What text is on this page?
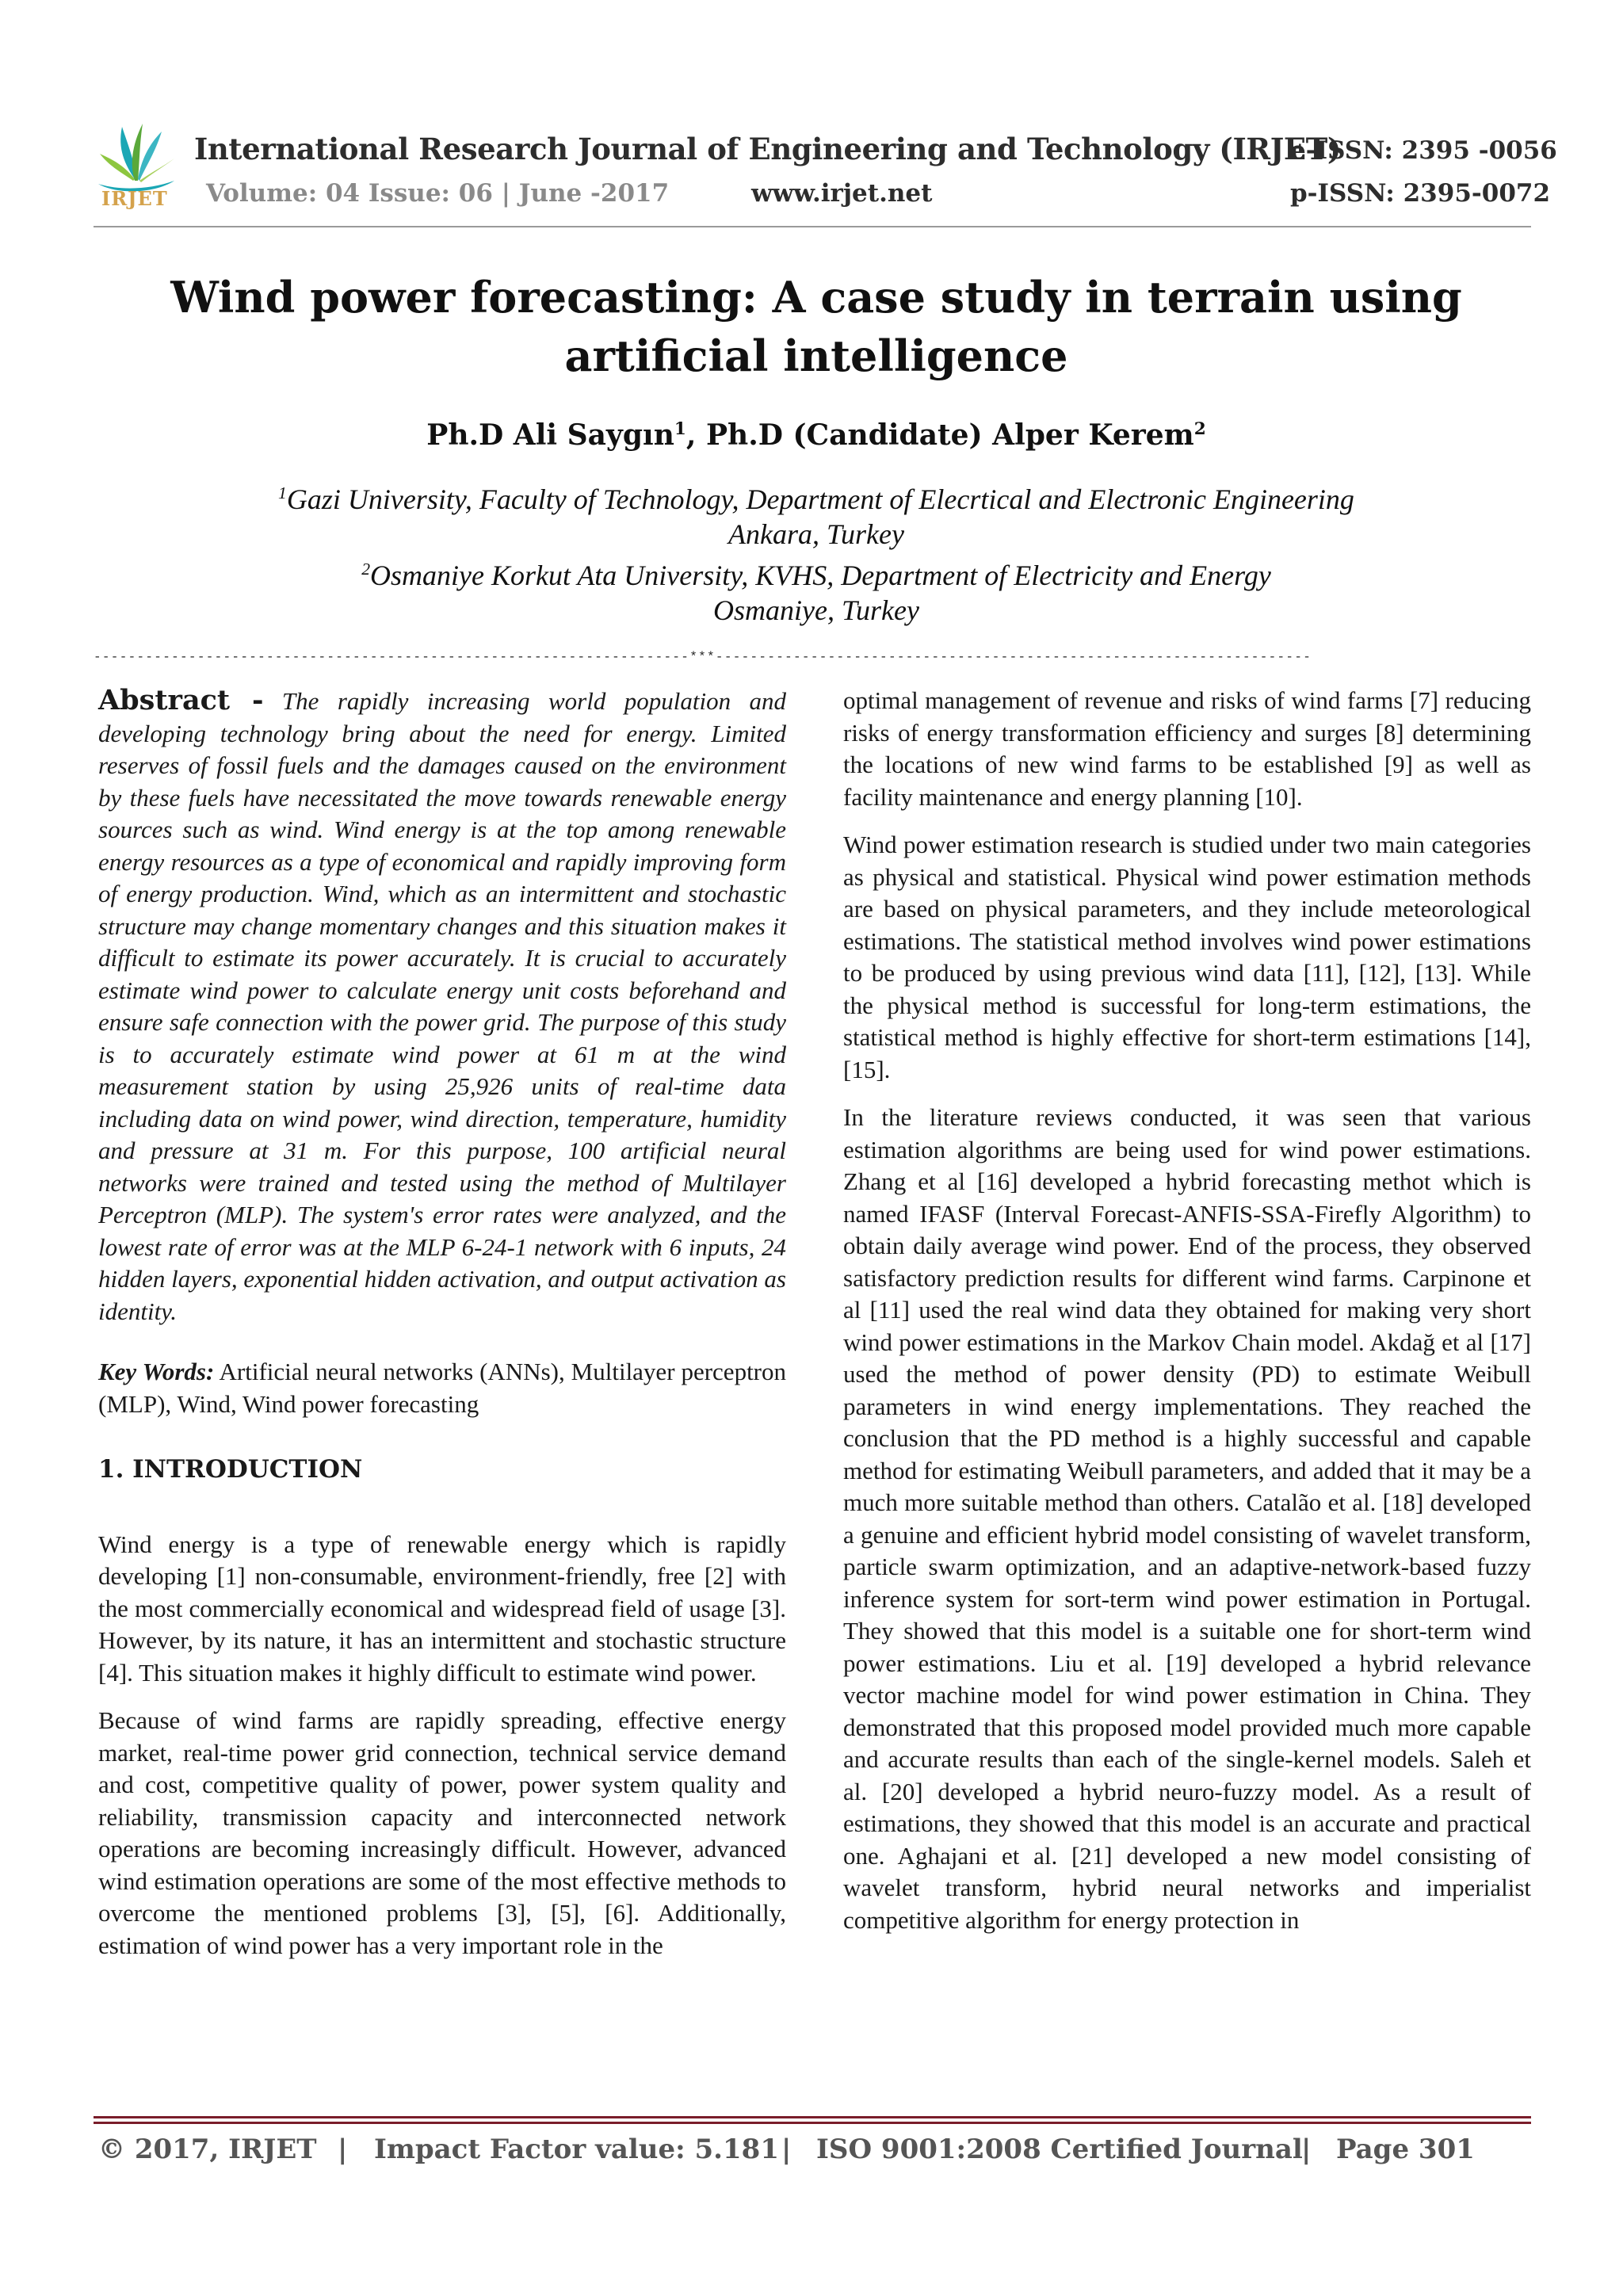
IRJET
International Research Journal of Engineering and Technology (IRJET)
e-ISSN: 2395 -0056
Volume: 04 Issue: 06 | June -2017	www.irjet.net	p-ISSN: 2395-0072
Wind power forecasting: A case study in terrain using artificial intelligence
Ph.D Ali Saygın$^1$, Ph.D (Candidate) Alper Kerem$^2$
$^1$Gazi University, Faculty of Technology, Department of Elecrtical and Electronic Engineering
Ankara, Turkey
$^2$Osmaniye Korkut Ata University, KVHS, Department of Electricity and Energy
Osmaniye, Turkey
---------------------------------------------------------------------***---------------------------------------------------------------------

Abstract - The rapidly increasing world population and developing technology bring about the need for energy. Limited reserves of fossil fuels and the damages caused on the environment by these fuels have necessitated the move towards renewable energy sources such as wind. Wind energy is at the top among renewable energy resources as a type of economical and rapidly improving form of energy production. Wind, which as an intermittent and stochastic structure may change momentary changes and this situation makes it difficult to estimate its power accurately. It is crucial to accurately estimate wind power to calculate energy unit costs beforehand and ensure safe connection with the power grid. The purpose of this study is to accurately estimate wind power at 61 m at the wind measurement station by using 25,926 units of real-time data including data on wind power, wind direction, temperature, humidity and pressure at 31 m. For this purpose, 100 artificial neural networks were trained and tested using the method of Multilayer Perceptron (MLP). The system's error rates were analyzed, and the lowest rate of error was at the MLP 6-24-1 network with 6 inputs, 24 hidden layers, exponential hidden activation, and output activation as identity.

Key Words: Artificial neural networks (ANNs), Multilayer perceptron (MLP), Wind, Wind power forecasting

1. INTRODUCTION

Wind energy is a type of renewable energy which is rapidly developing [1] non-consumable, environment-friendly, free [2] with the most commercially economical and widespread field of usage [3]. However, by its nature, it has an intermittent and stochastic structure [4]. This situation makes it highly difficult to estimate wind power.

Because of wind farms are rapidly spreading, effective energy market, real-time power grid connection, technical service demand and cost, competitive quality of power, power system quality and reliability, transmission capacity and interconnected network operations are becoming increasingly difficult. However, advanced wind estimation operations are some of the most effective methods to overcome the mentioned problems [3], [5], [6]. Additionally, estimation of wind power has a very important role in the

optimal management of revenue and risks of wind farms [7] reducing risks of energy transformation efficiency and surges [8] determining the locations of new wind farms to be established [9] as well as facility maintenance and energy planning [10].

Wind power estimation research is studied under two main categories as physical and statistical. Physical wind power estimation methods are based on physical parameters, and they include meteorological estimations. The statistical method involves wind power estimations to be produced by using previous wind data [11], [12], [13]. While the physical method is successful for long-term estimations, the statistical method is highly effective for short-term estimations [14], [15].

In the literature reviews conducted, it was seen that various estimation algorithms are being used for wind power estimations. Zhang et al [16] developed a hybrid forecasting methot which is named IFASF (Interval Forecast-ANFIS-SSA-Firefly Algorithm) to obtain daily average wind power. End of the process, they observed satisfactory prediction results for different wind farms. Carpinone et al [11] used the real wind data they obtained for making very short wind power estimations in the Markov Chain model. Akdağ et al [17] used the method of power density (PD) to estimate Weibull parameters in wind energy implementations. They reached the conclusion that the PD method is a highly successful and capable method for estimating Weibull parameters, and added that it may be a much more suitable method than others. Catalão et al. [18] developed a genuine and efficient hybrid model consisting of wavelet transform, particle swarm optimization, and an adaptive-network-based fuzzy inference system for sort-term wind power estimation in Portugal. They showed that this model is a suitable one for short-term wind power estimations. Liu et al. [19] developed a hybrid relevance vector machine model for wind power estimation in China. They demonstrated that this proposed model provided much more capable and accurate results than each of the single-kernel models. Saleh et al. [20] developed a hybrid neuro-fuzzy model. As a result of estimations, they showed that this model is an accurate and practical one. Aghajani et al. [21] developed a new model consisting of wavelet transform, hybrid neural networks and imperialist competitive algorithm for energy protection in

© 2017, IRJET | Impact Factor value: 5.181 | ISO 9001:2008 Certified Journal
| Page 301
